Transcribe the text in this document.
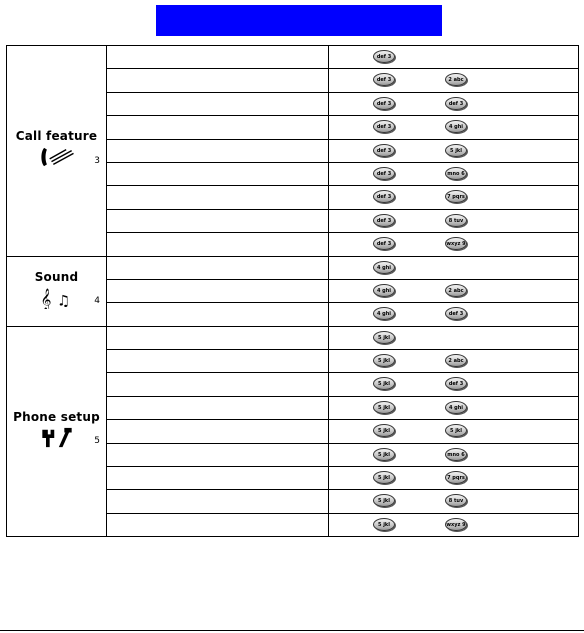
Call feature
3		def 3

		def 3 2 abc

		def 3 def 3

		def 3 4 ghi

		def 3 5 jkl

		def 3 mno 6

		def 3 7 pqrs

		def 3 8 tuv

		def 3 wxyz 9

Sound
𝄞 ♫ 4		4 ghi

		4 ghi 2 abc

		4 ghi def 3

Phone setup
5		5 jkl

		5 jkl 2 abc

		5 jkl def 3

		5 jkl 4 ghi

		5 jkl 5 jkl

		5 jkl mno 6

		5 jkl 7 pqrs

		5 jkl 8 tuv

		5 jkl wxyz 9
